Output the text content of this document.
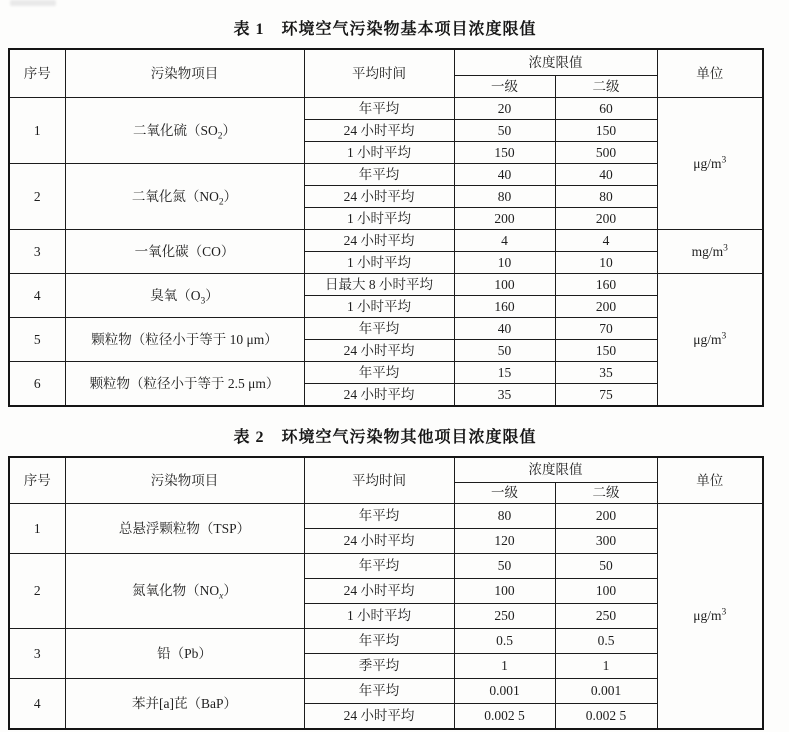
表 1　环境空气污染物基本项目浓度限值
序号	污染物项目	平均时间	浓度限值		单位
			一级	二级	
1	二氧化硫$(SO_2)$	年平均	20	60	$\mu g/m^3$
		24 小时平均	50	150	
		1 小时平均	150	500	
2	二氧化氮$(NO_2)$	年平均	40	40	
		24 小时平均	80	80	
		1 小时平均	200	200	
3	一氧化碳（CO）	24 小时平均	4	4	$mg/m^3$
		1 小时平均	10	10	
4	臭氧$(O_3)$	日最大 8 小时平均	100	160	$\mu g/m^3$
		1 小时平均	160	200	
5	颗粒物（粒径小于等于 10 μm）	年平均	40	70	
		24 小时平均	50	150	
6	颗粒物（粒径小于等于 2.5 μm）	年平均	15	35	
		24 小时平均	35	75	
表 2　环境空气污染物其他项目浓度限值
序号	污染物项目	平均时间	浓度限值		单位
			一级	二级	
1	总悬浮颗粒物（TSP）	年平均	80	200	$\mu g/m^3$
		24 小时平均	120	300	
2	氮氧化物$(NO_x)$	年平均	50	50	
		24 小时平均	100	100	
		1 小时平均	250	250	
3	铅（Pb）	年平均	0.5	0.5	
		季平均	1	1	
4	苯并[a]芘（BaP）	年平均	0.001	0.001	
		24 小时平均	0.002 5	0.002 5	
